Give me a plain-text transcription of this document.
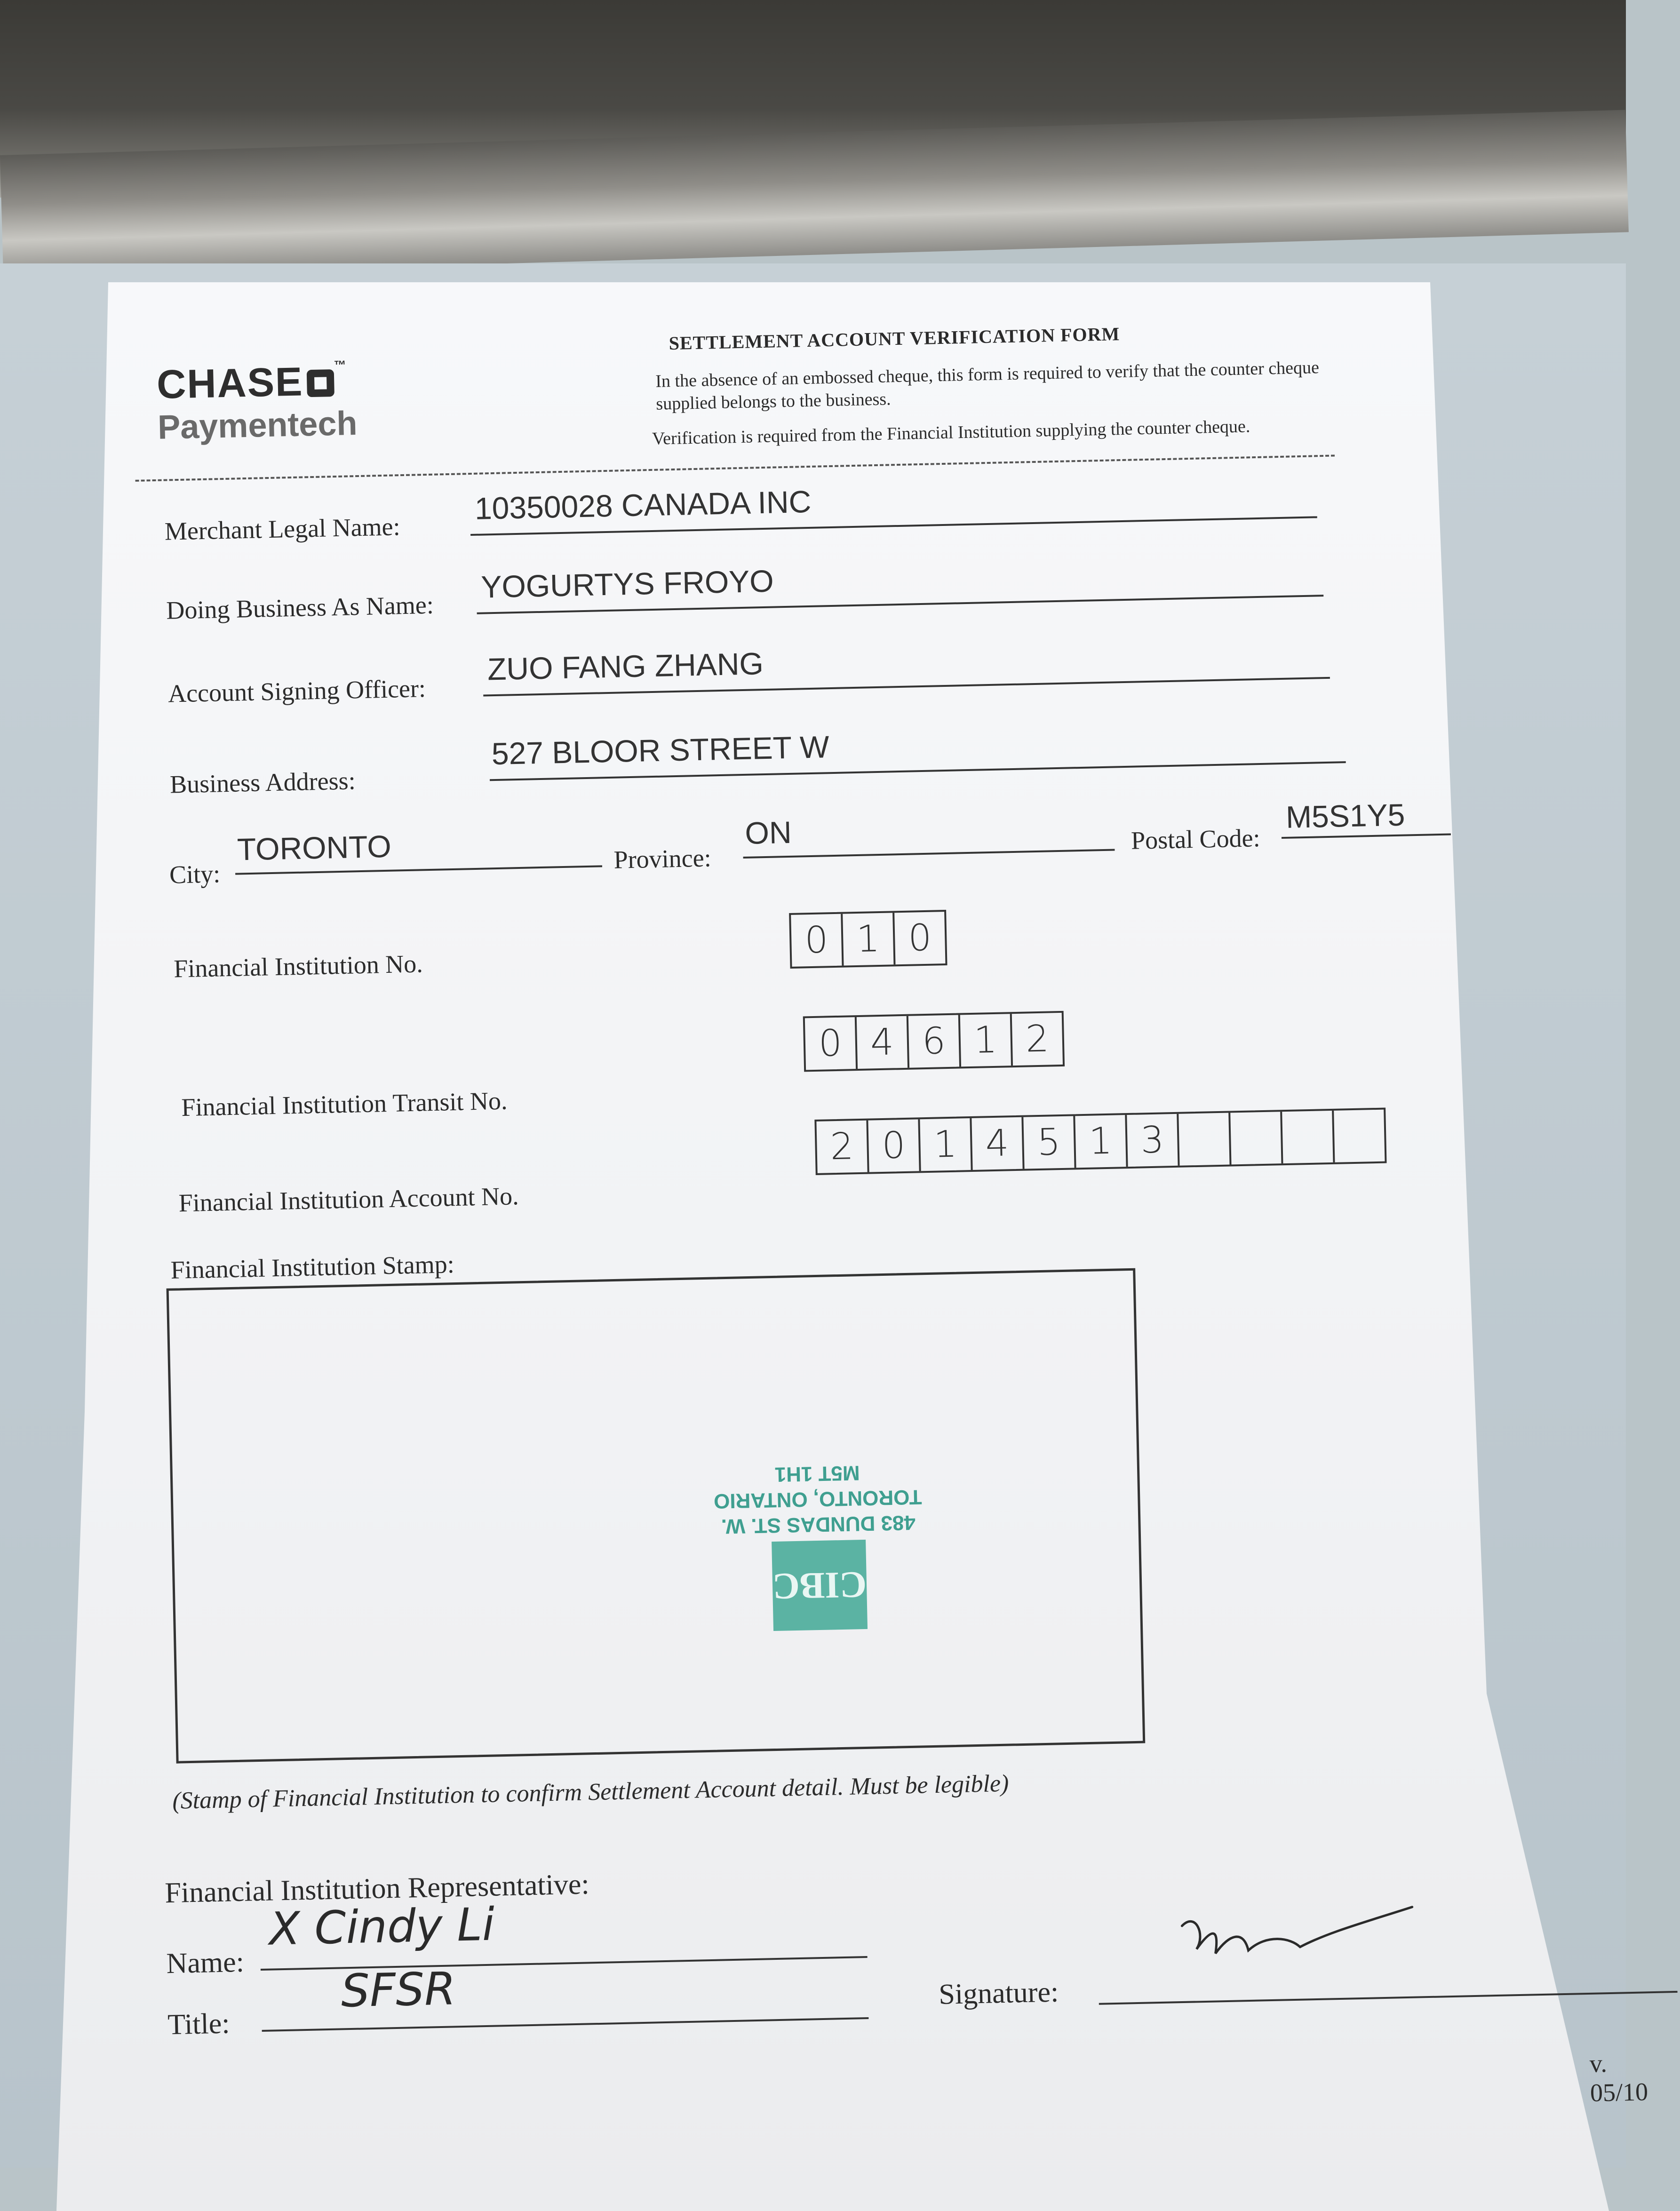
CHASE ™
Paymentech
SETTLEMENT ACCOUNT VERIFICATION FORM
In the absence of an embossed cheque, this form is required to verify that the counter cheque supplied belongs to the business.
Verification is required from the Financial Institution supplying the counter cheque.
Merchant Legal Name:
10350028 CANADA INC
Doing Business As Name:
YOGURTYS FROYO
Account Signing Officer:
ZUO FANG ZHANG
Business Address:
527 BLOOR STREET W
City:
TORONTO	Province:
ON	Postal Code:
M5S1Y5
Financial Institution No.
0 1 0
Financial Institution Transit No.
0 4 6 1 2
Financial Institution Account No.
2 0 1 4 5 1 3
Financial Institution Stamp:
483 DUNDAS ST. W.
TORONTO, ONTARIO
M5T 1H1
CIBC
(Stamp of Financial Institution to confirm Settlement Account detail. Must be legible)
Financial Institution Representative:
Name:
X Cindy Li
Title:
SFSR	Signature:
v. 05/10
